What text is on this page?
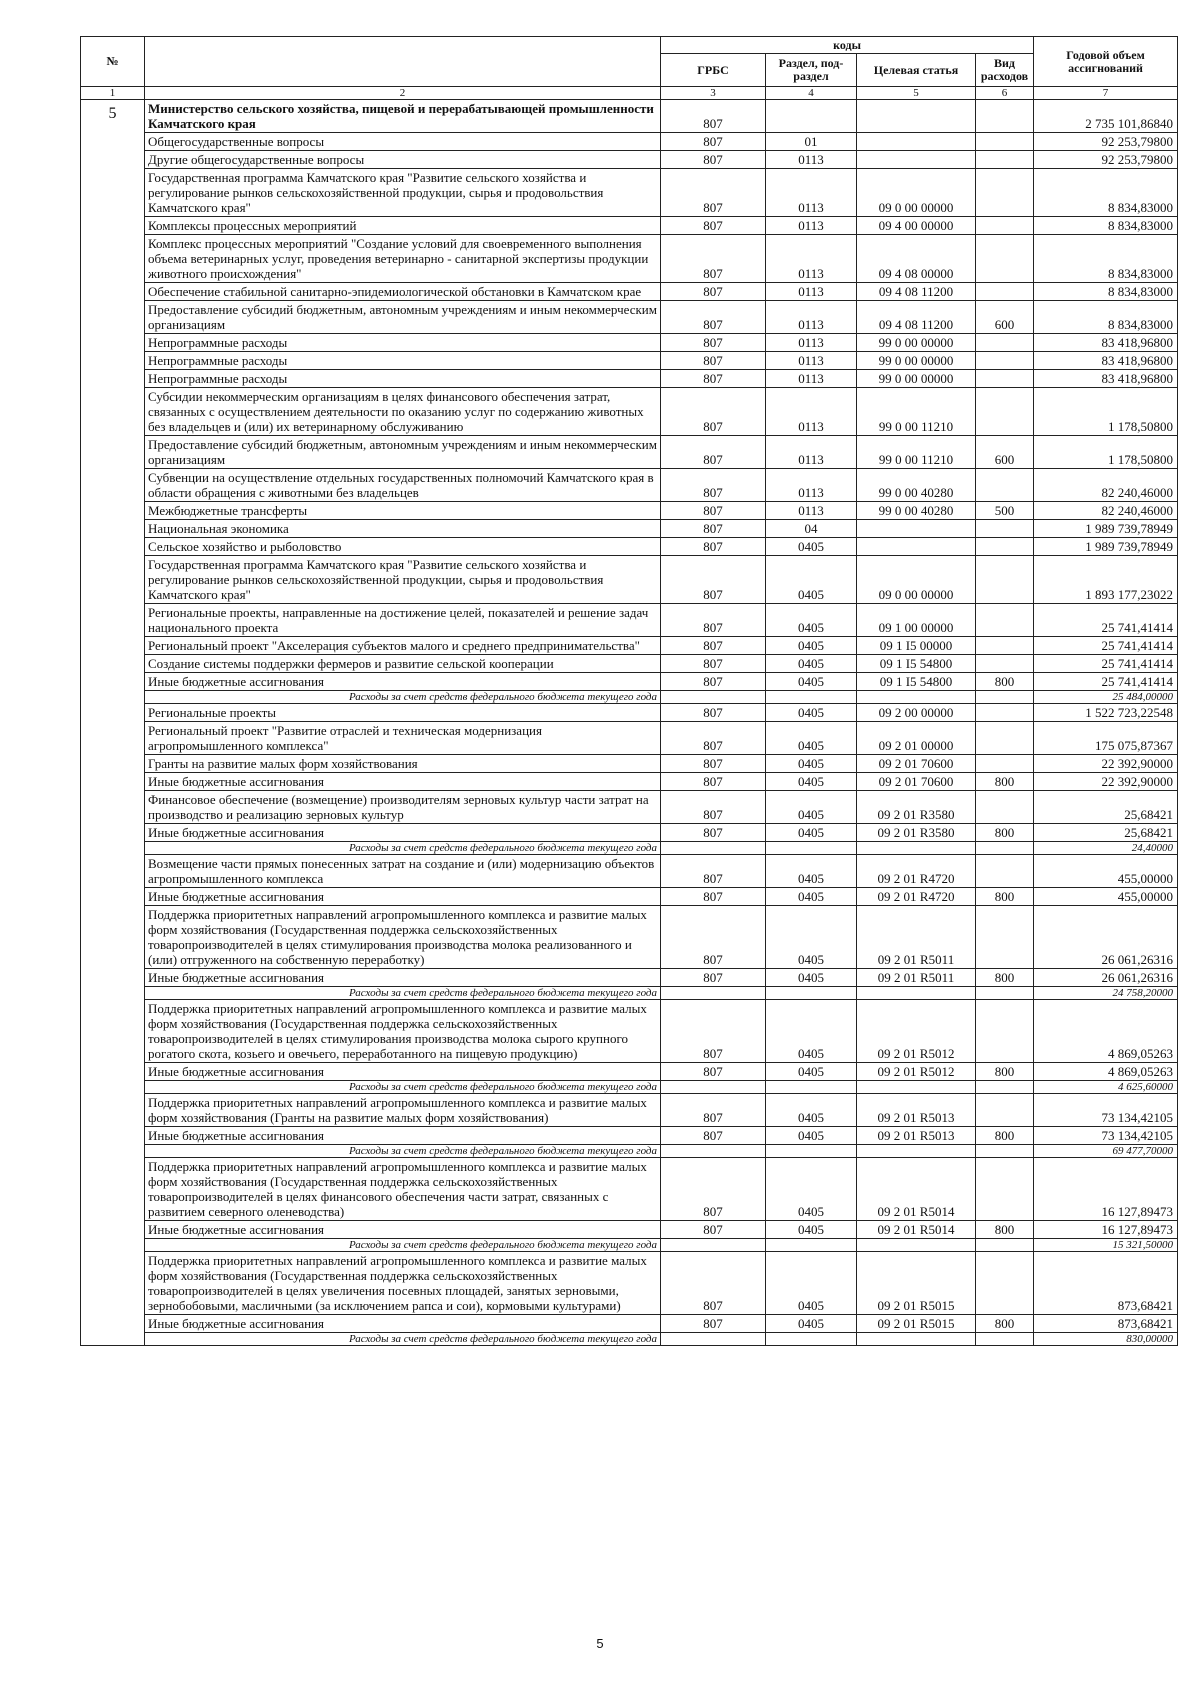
№		коды				Годовой объем ассигнований
		ГРБС	Раздел, под-раздел	Целевая статья	Вид расходов	
1	2	3	4	5	6	7
5	Министерство сельского хозяйства, пищевой и перерабатывающей промышленности Камчатского края	807				2 735 101,86840
	Общегосударственные вопросы	807	01			92 253,79800
	Другие общегосударственные вопросы	807	0113			92 253,79800
	Государственная программа Камчатского края "Развитие сельского хозяйства и регулирование рынков сельскохозяйственной продукции, сырья и продовольствия Камчатского края"	807	0113	09 0 00 00000		8 834,83000
	Комплексы процессных мероприятий	807	0113	09 4 00 00000		8 834,83000
	Комплекс процессных мероприятий "Создание условий для своевременного выполнения объема ветеринарных услуг, проведения ветеринарно - санитарной экспертизы продукции животного происхождения"	807	0113	09 4 08 00000		8 834,83000
	Обеспечение стабильной санитарно-эпидемиологической обстановки в Камчатском крае	807	0113	09 4 08 11200		8 834,83000
	Предоставление субсидий бюджетным, автономным учреждениям и иным некоммерческим организациям	807	0113	09 4 08 11200	600	8 834,83000
	Непрограммные расходы	807	0113	99 0 00 00000		83 418,96800
	Непрограммные расходы	807	0113	99 0 00 00000		83 418,96800
	Непрограммные расходы	807	0113	99 0 00 00000		83 418,96800
	Субсидии некоммерческим организациям в целях финансового обеспечения затрат, связанных с осуществлением деятельности по оказанию услуг по содержанию животных без владельцев и (или) их ветеринарному обслуживанию	807	0113	99 0 00 11210		1 178,50800
	Предоставление субсидий бюджетным, автономным учреждениям и иным некоммерческим организациям	807	0113	99 0 00 11210	600	1 178,50800
	Субвенции на осуществление отдельных государственных полномочий Камчатского края в области обращения с животными без владельцев	807	0113	99 0 00 40280		82 240,46000
	Межбюджетные трансферты	807	0113	99 0 00 40280	500	82 240,46000
	Национальная экономика	807	04			1 989 739,78949
	Сельское хозяйство и рыболовство	807	0405			1 989 739,78949
	Государственная программа Камчатского края "Развитие сельского хозяйства и регулирование рынков сельскохозяйственной продукции, сырья и продовольствия Камчатского края"	807	0405	09 0 00 00000		1 893 177,23022
	Региональные проекты, направленные на достижение целей, показателей и решение задач национального проекта	807	0405	09 1 00 00000		25 741,41414
	Региональный проект "Акселерация субъектов малого и среднего предпринимательства"	807	0405	09 1 I5 00000		25 741,41414
	Создание системы поддержки фермеров и развитие сельской кооперации	807	0405	09 1 I5 54800		25 741,41414
	Иные бюджетные ассигнования	807	0405	09 1 I5 54800	800	25 741,41414
	Расходы за счет средств федерального бюджета текущего года					25 484,00000
	Региональные проекты	807	0405	09 2 00 00000		1 522 723,22548
	Региональный проект "Развитие отраслей и техническая модернизация агропромышленного комплекса"	807	0405	09 2 01 00000		175 075,87367
	Гранты на развитие малых форм хозяйствования	807	0405	09 2 01 70600		22 392,90000
	Иные бюджетные ассигнования	807	0405	09 2 01 70600	800	22 392,90000
	Финансовое обеспечение (возмещение) производителям зерновых культур части затрат на производство и реализацию зерновых культур	807	0405	09 2 01 R3580		25,68421
	Иные бюджетные ассигнования	807	0405	09 2 01 R3580	800	25,68421
	Расходы за счет средств федерального бюджета текущего года					24,40000
	Возмещение части прямых понесенных затрат на создание и (или) модернизацию объектов агропромышленного комплекса	807	0405	09 2 01 R4720		455,00000
	Иные бюджетные ассигнования	807	0405	09 2 01 R4720	800	455,00000
	Поддержка приоритетных направлений агропромышленного комплекса и развитие малых форм хозяйствования (Государственная поддержка сельскохозяйственных товаропроизводителей в целях стимулирования производства молока реализованного и (или) отгруженного на собственную переработку)	807	0405	09 2 01 R5011		26 061,26316
	Иные бюджетные ассигнования	807	0405	09 2 01 R5011	800	26 061,26316
	Расходы за счет средств федерального бюджета текущего года					24 758,20000
	Поддержка приоритетных направлений агропромышленного комплекса и развитие малых форм хозяйствования (Государственная поддержка сельскохозяйственных товаропроизводителей в целях стимулирования производства молока сырого крупного рогатого скота, козьего и овечьего, переработанного на пищевую продукцию)	807	0405	09 2 01 R5012		4 869,05263
	Иные бюджетные ассигнования	807	0405	09 2 01 R5012	800	4 869,05263
	Расходы за счет средств федерального бюджета текущего года					4 625,60000
	Поддержка приоритетных направлений агропромышленного комплекса и развитие малых форм хозяйствования (Гранты на развитие малых форм хозяйствования)	807	0405	09 2 01 R5013		73 134,42105
	Иные бюджетные ассигнования	807	0405	09 2 01 R5013	800	73 134,42105
	Расходы за счет средств федерального бюджета текущего года					69 477,70000
	Поддержка приоритетных направлений агропромышленного комплекса и развитие малых форм хозяйствования (Государственная поддержка сельскохозяйственных товаропроизводителей в целях финансового обеспечения части затрат, связанных с развитием северного оленеводства)	807	0405	09 2 01 R5014		16 127,89473
	Иные бюджетные ассигнования	807	0405	09 2 01 R5014	800	16 127,89473
	Расходы за счет средств федерального бюджета текущего года					15 321,50000
	Поддержка приоритетных направлений агропромышленного комплекса и развитие малых форм хозяйствования (Государственная поддержка сельскохозяйственных товаропроизводителей в целях увеличения посевных площадей, занятых зерновыми, зернобобовыми, масличными (за исключением рапса и сои), кормовыми культурами)	807	0405	09 2 01 R5015		873,68421
	Иные бюджетные ассигнования	807	0405	09 2 01 R5015	800	873,68421
	Расходы за счет средств федерального бюджета текущего года					830,00000
5
